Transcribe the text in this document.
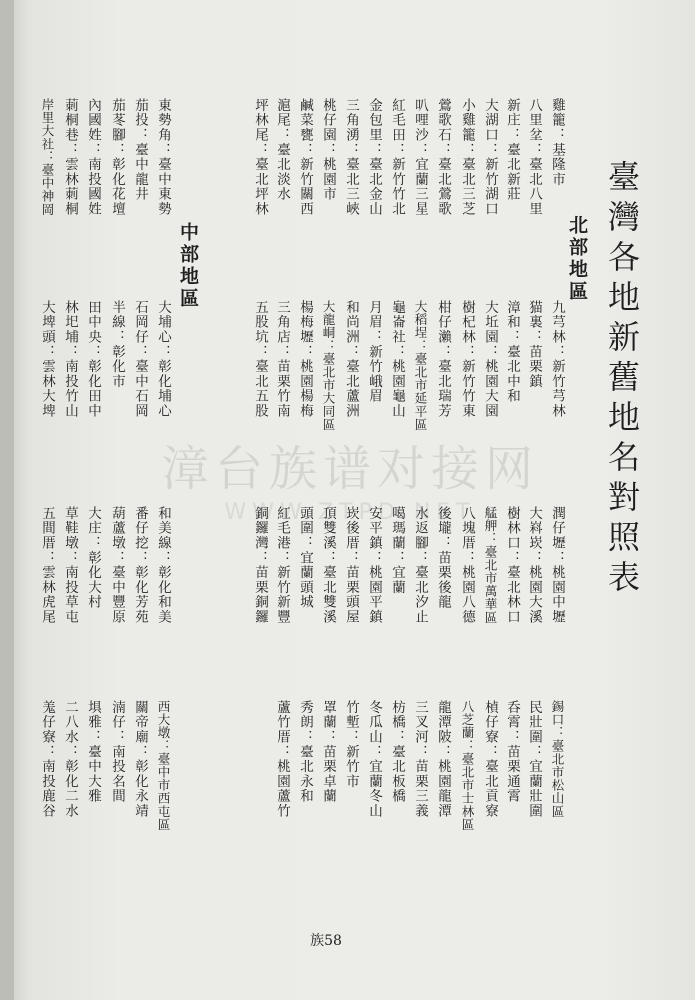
漳台族谱对接网
WWW.ZTPD.NET	臺灣各地新舊地名對照表
北部地區
中部地區
雞籠：基隆市
九芎林：新竹芎林
潤仔壢：桃園中壢
錫口：臺北市松山區
八里坌：臺北八里
猫裏：苗栗鎮
大嵙崁：桃園大溪
民壯圍：宜蘭壯圍
新庄：臺北新莊
漳和：臺北中和
樹林口：臺北林口
呑霄：苗栗通霄
大湖口：新竹湖口
大坵園：桃園大園
艋舺：臺北市萬華區
楨仔寮：臺北貢寮
小雞籠：臺北三芝
樹杞林：新竹竹東
八塊厝：桃園八德
八芝蘭：臺北市士林區
鶯歌石：臺北鶯歌
柑仔瀨：臺北瑞芳
後壠：苗栗後龍
龍潭陂：桃園龍潭
叭哩沙：宜蘭三星
大稻埕：臺北市延平區
水返腳：臺北汐止
三叉河：苗栗三義
紅毛田：新竹竹北
龜崙社：桃園龜山
噶瑪蘭：宜蘭
枋橋：臺北板橋
金包里：臺北金山
月眉：新竹峨眉
安平鎮：桃園平鎮
冬瓜山：宜蘭冬山
三角湧：臺北三峽
和尚洲：臺北蘆洲
崁後厝：苗栗頭屋
竹塹：新竹市
桃仔園：桃園市
大龍峒：臺北市大同區
頂雙溪：臺北雙溪
罩蘭：苗栗卓蘭
鹹菜甕：新竹關西
楊梅壢：桃園楊梅
頭圍：宜蘭頭城
秀朗：臺北永和
滬尾：臺北淡水
三角店：苗栗竹南
紅毛港：新竹新豐
蘆竹厝：桃園蘆竹
坪林尾：臺北坪林
五股坑：臺北五股
銅鑼灣：苗栗銅鑼
東勢角：臺中東勢
大埔心：彰化埔心
和美線：彰化和美
西大墩：臺中市西屯區
茄投：臺中龍井
石岡仔：臺中石岡
番仔挖：彰化芳苑
關帝廟：彰化永靖
茄苳腳：彰化花壇
半線：彰化市
葫蘆墩：臺中豐原
湳仔：南投名間
內國姓：南投國姓
田中央：彰化田中
大庄：彰化大村
埧雅：臺中大雅
莿桐巷：雲林莿桐
林圯埔：南投竹山
草鞋墩：南投草屯
二八水：彰化二水
岸里大社：臺中神岡
大埤頭：雲林大埤
五間厝：雲林虎尾
羗仔寮：南投鹿谷
族58
